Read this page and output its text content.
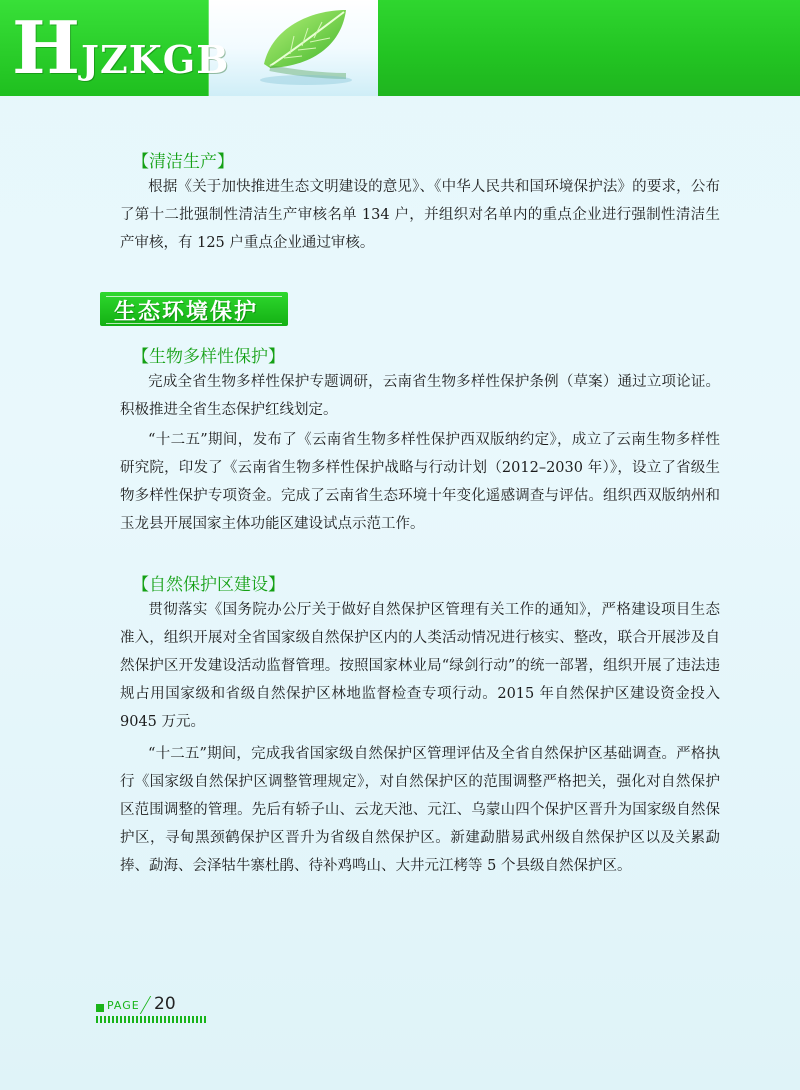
HJZKGB
【清洁生产】

根据《关于加快推进生态文明建设的意见》、《中华人民共和国环境保护法》的要求，公布了第十二批强制性清洁生产审核名单 134 户，并组织对名单内的重点企业进行强制性清洁生产审核，有 125 户重点企业通过审核。

生态环境保护
【生物多样性保护】

完成全省生物多样性保护专题调研，云南省生物多样性保护条例（草案）通过立项论证。积极推进全省生态保护红线划定。

“十二五”期间，发布了《云南省生物多样性保护西双版纳约定》，成立了云南生物多样性研究院，印发了《云南省生物多样性保护战略与行动计划（2012–2030 年）》，设立了省级生物多样性保护专项资金。完成了云南省生态环境十年变化遥感调查与评估。组织西双版纳州和玉龙县开展国家主体功能区建设试点示范工作。

【自然保护区建设】

贯彻落实《国务院办公厅关于做好自然保护区管理有关工作的通知》，严格建设项目生态准入，组织开展对全省国家级自然保护区内的人类活动情况进行核实、整改，联合开展涉及自然保护区开发建设活动监督管理。按照国家林业局“绿剑行动”的统一部署，组织开展了违法违规占用国家级和省级自然保护区林地监督检查专项行动。2015 年自然保护区建设资金投入 9045 万元。

“十二五”期间，完成我省国家级自然保护区管理评估及全省自然保护区基础调查。严格执行《国家级自然保护区调整管理规定》，对自然保护区的范围调整严格把关，强化对自然保护区范围调整的管理。先后有轿子山、云龙天池、元江、乌蒙山四个保护区晋升为国家级自然保护区，寻甸黑颈鹤保护区晋升为省级自然保护区。新建勐腊易武州级自然保护区以及关累勐捧、勐海、会泽牯牛寨杜鹃、待补鸡鸣山、大井元江栲等 5 个县级自然保护区。

PAGE 20
